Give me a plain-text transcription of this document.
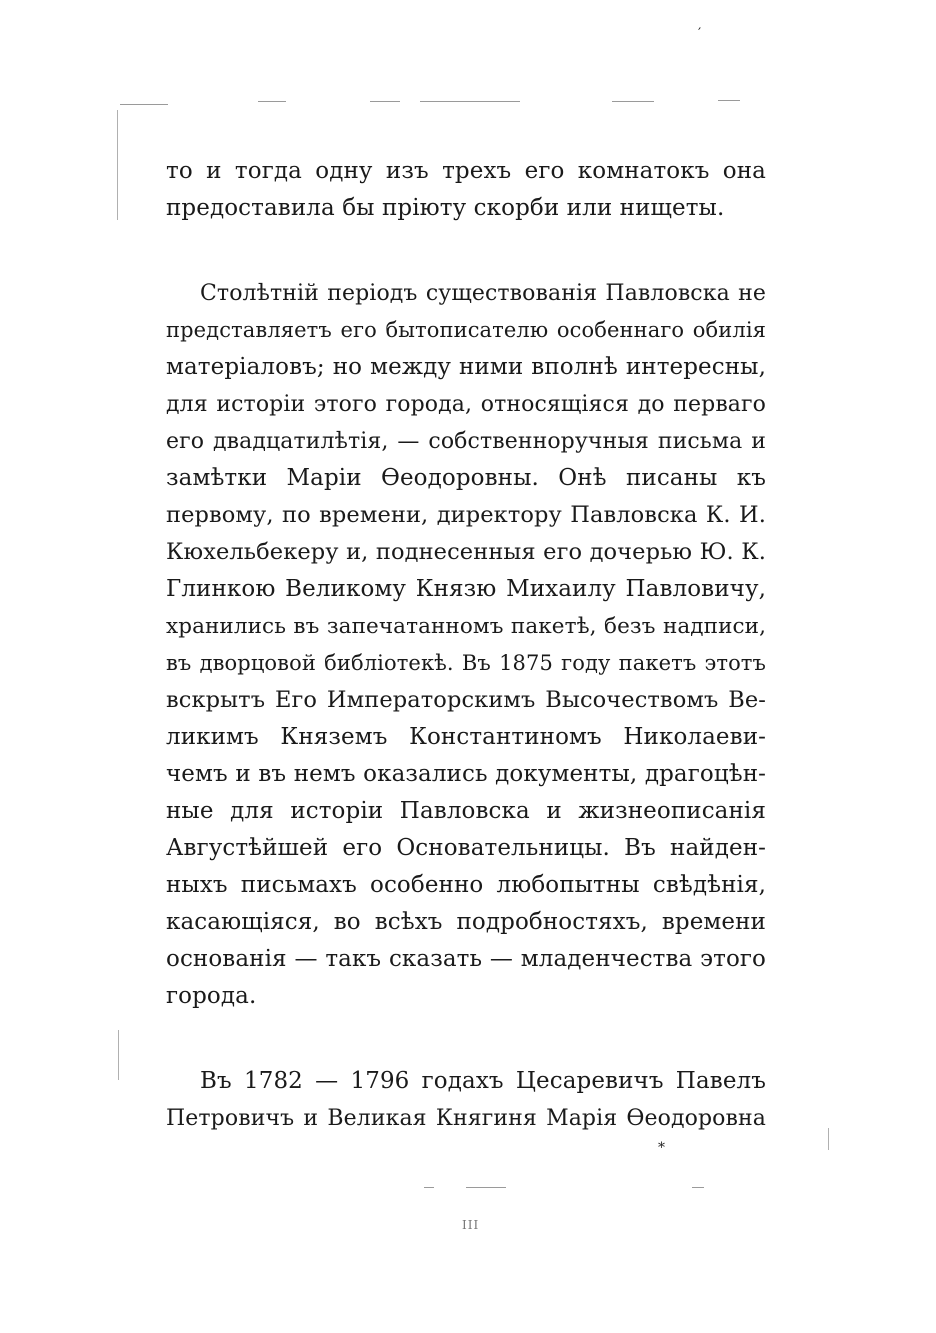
′
то и тогда одну изъ трехъ его комнатокъ она
предоставила бы пріюту скорби или нищеты.
Столѣтній періодъ существованія Павловска не
представляетъ его бытописателю особеннаго обилія
матеріаловъ; но между ними вполнѣ интересны,
для исторіи этого города, относящіяся до перваго
его двадцатилѣтія, — собственноручныя письма и
замѣтки Маріи Ѳеодоровны. Онѣ писаны къ
первому, по времени, директору Павловска К. И.
Кюхельбекеру и, поднесенныя его дочерью Ю. К.
Глинкою Великому Князю Михаилу Павловичу,
хранились въ запечатанномъ пакетѣ, безъ надписи,
въ дворцовой библіотекѣ. Въ 1875 году пакетъ этотъ
вскрытъ Его Императорскимъ Высочествомъ Ве-
ликимъ Княземъ Константиномъ Николаеви-
чемъ и въ немъ оказались документы, драгоцѣн-
ные для исторіи Павловска и жизнеописанія
Августѣйшей его Основательницы. Въ найден-
ныхъ письмахъ особенно любопытны свѣдѣнія,
касающіяся, во всѣхъ подробностяхъ, времени
основанія — такъ сказать — младенчества этого
города.
Въ 1782 — 1796 годахъ Цесаревичъ Павелъ
Петровичъ и Великая Княгиня Марія Ѳеодоровна
*
III
